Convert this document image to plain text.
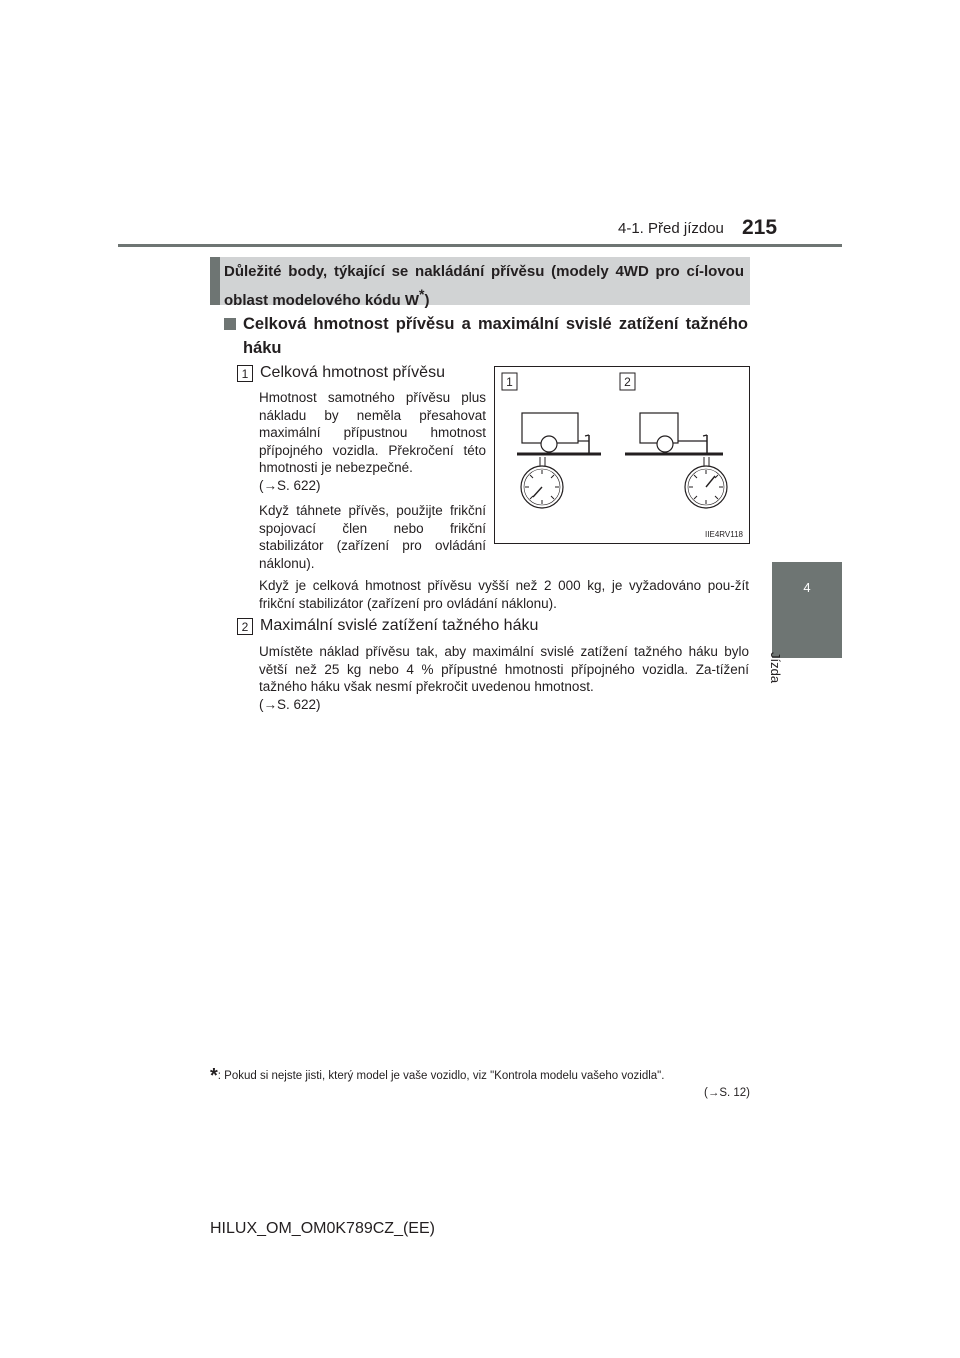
4-1. Před jízdou 215
4
Jízda
Důležité body, týkající se nakládání přívěsu (modely 4WD pro cí-lovou oblast modelového kódu W*)
Celková hmotnost přívěsu a maximální svislé zatížení tažného háku
1 Celková hmotnost přívěsu
Hmotnost samotného přívěsu plus nákladu by neměla přesahovat maximální přípustnou hmotnost přípojného vozidla. Překročení této hmotnosti je nebezpečné.
(→S. 622)
Když táhnete přívěs, použijte frikční spojovací člen nebo frikční stabilizátor (zařízení pro ovládání náklonu).
Když je celková hmotnost přívěsu vyšší než 2 000 kg, je vyžadováno pou-žít frikční stabilizátor (zařízení pro ovládání náklonu).
1	2
IIE4RV118
2 Maximální svislé zatížení tažného háku
Umístěte náklad přívěsu tak, aby maximální svislé zatížení tažného háku bylo větší než 25 kg nebo 4 % přípustné hmotnosti přípojného vozidla. Za-tížení tažného háku však nesmí překročit uvedenou hmotnost.
(→S. 622)
*: Pokud si nejste jisti, který model je vaše vozidlo, viz "Kontrola modelu vašeho vozidla".
(→S. 12)
HILUX_OM_OM0K789CZ_(EE)
